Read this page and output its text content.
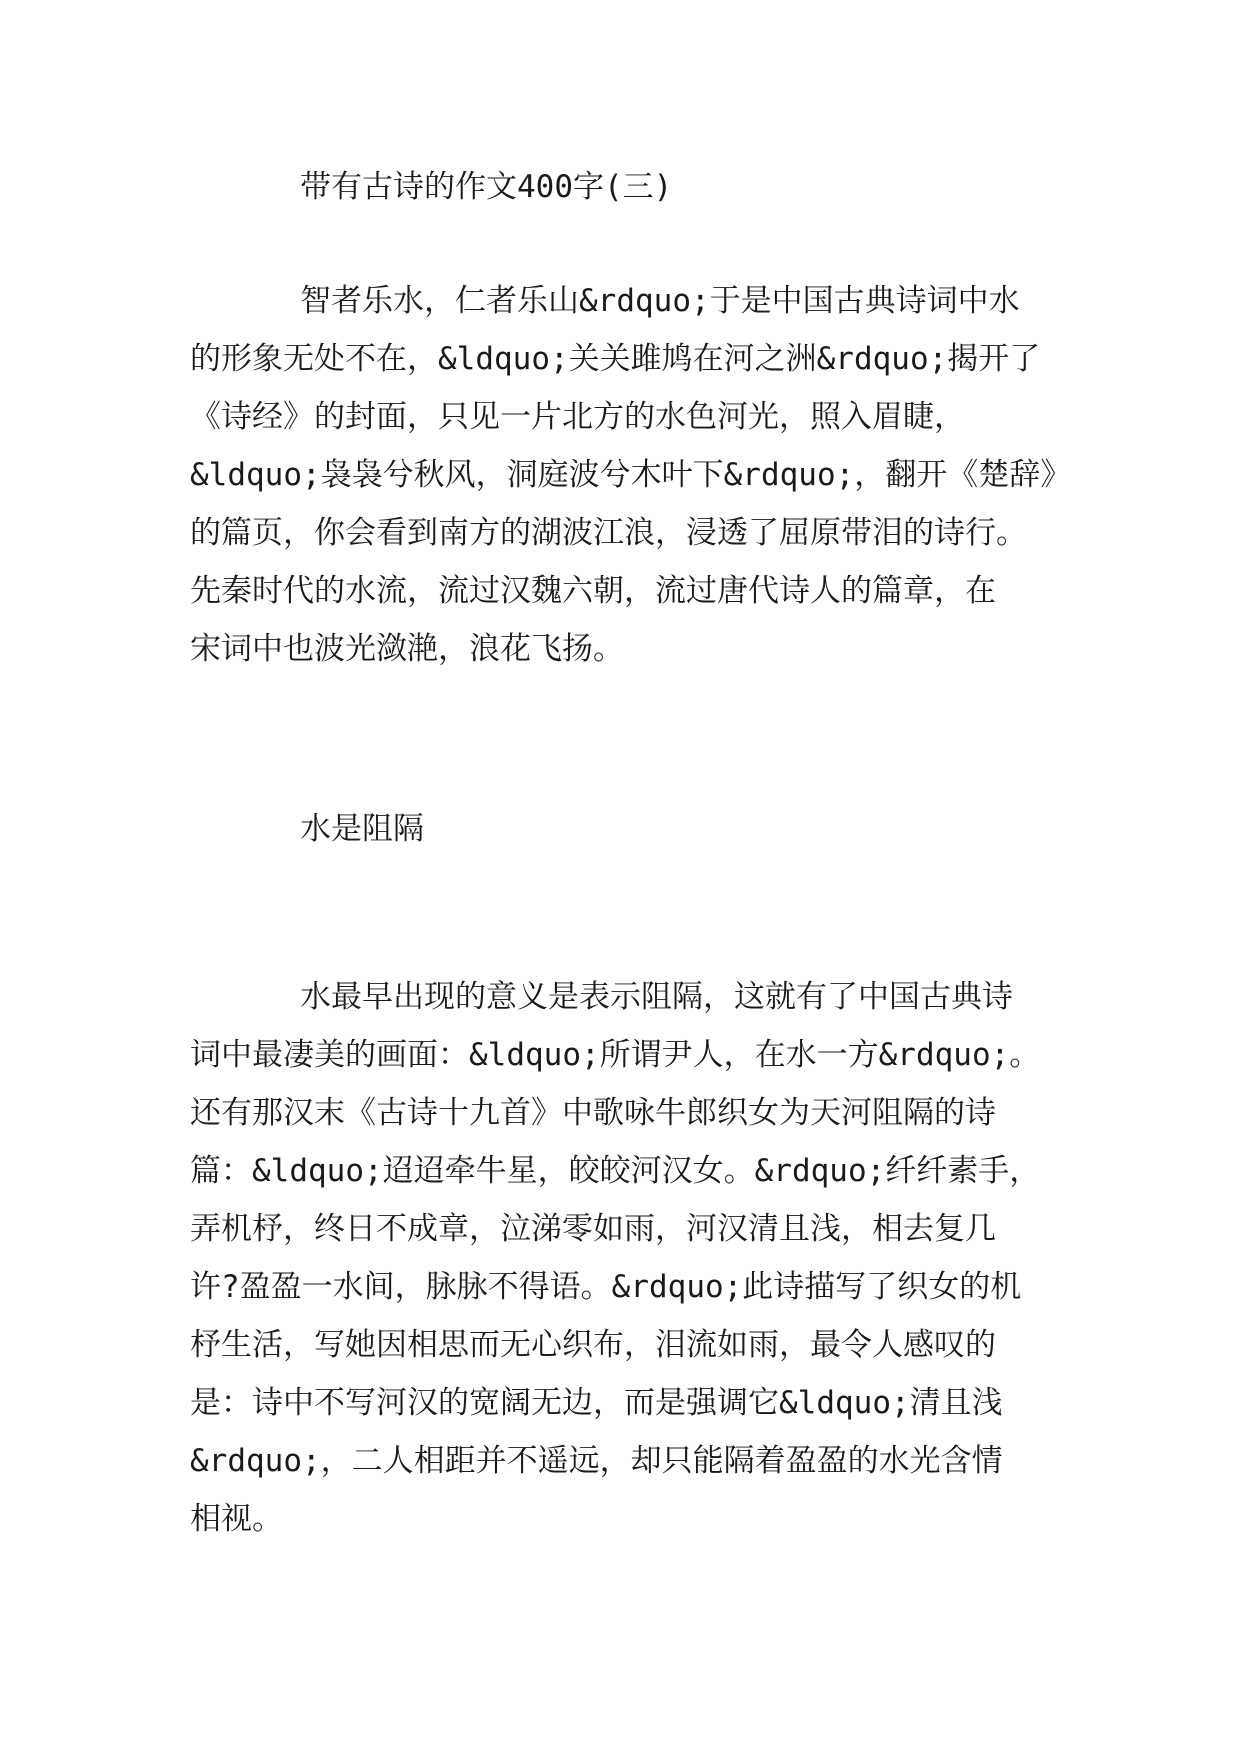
带有古诗的作文400字(三)
智者乐水，仁者乐山&rdquo;于是中国古典诗词中水
的形象无处不在，&ldquo;关关雎鸠在河之洲&rdquo;揭开了
《诗经》的封面，只见一片北方的水色河光，照入眉睫，
&ldquo;袅袅兮秋风，洞庭波兮木叶下&rdquo;，翻开《楚辞》
的篇页，你会看到南方的湖波江浪，浸透了屈原带泪的诗行。
先秦时代的水流，流过汉魏六朝，流过唐代诗人的篇章，在
宋词中也波光潋滟，浪花飞扬。
水是阻隔
水最早出现的意义是表示阻隔，这就有了中国古典诗
词中最凄美的画面：&ldquo;所谓尹人，在水一方&rdquo;。
还有那汉末《古诗十九首》中歌咏牛郎织女为天河阻隔的诗
篇：&ldquo;迢迢牵牛星，皎皎河汉女。&rdquo;纤纤素手，
弄机杼，终日不成章，泣涕零如雨，河汉清且浅，相去复几
许?盈盈一水间，脉脉不得语。&rdquo;此诗描写了织女的机
杼生活，写她因相思而无心织布，泪流如雨，最令人感叹的
是：诗中不写河汉的宽阔无边，而是强调它&ldquo;清且浅
&rdquo;，二人相距并不遥远，却只能隔着盈盈的水光含情
相视。
